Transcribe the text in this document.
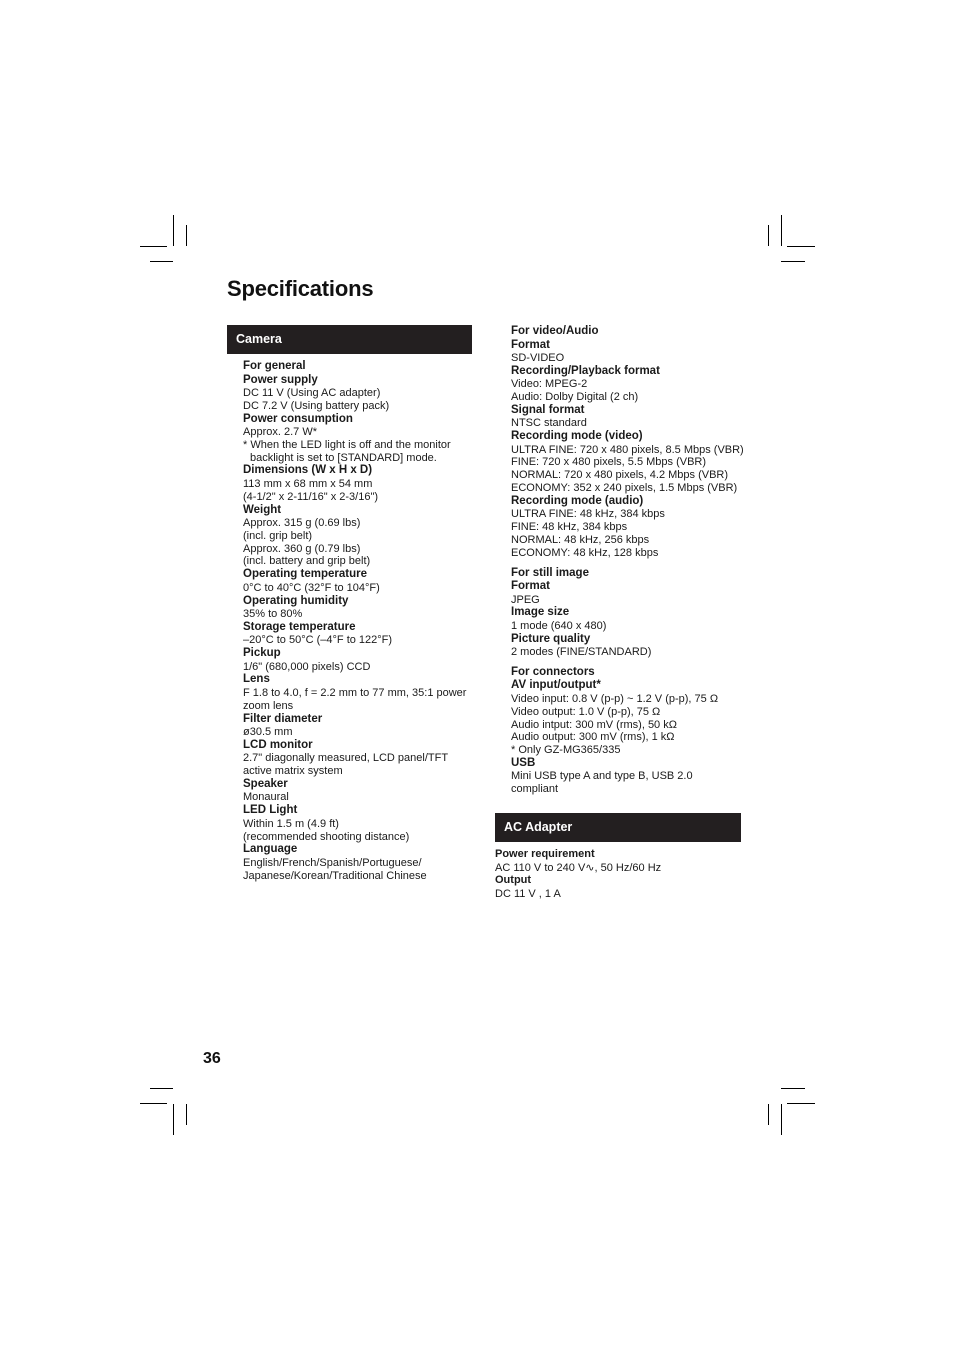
Specifications
Camera
For general
Power supply
DC 11 V (Using AC adapter)
DC 7.2 V (Using battery pack)
Power consumption
Approx. 2.7 W*
* When the LED light is off and the monitor
backlight is set to [STANDARD] mode.
Dimensions (W x H x D)
113 mm x 68 mm x 54 mm
(4-1/2" x 2-11/16" x 2-3/16")
Weight
Approx. 315 g (0.69 lbs)
(incl. grip belt)
Approx. 360 g (0.79 lbs)
(incl. battery and grip belt)
Operating temperature
0°C to 40°C (32°F to 104°F)
Operating humidity
35% to 80%
Storage temperature
–20°C to 50°C (–4°F to 122°F)
Pickup
1/6" (680,000 pixels) CCD
Lens
F 1.8 to 4.0, f = 2.2 mm to 77 mm, 35:1 power
zoom lens
Filter diameter
ø30.5 mm
LCD monitor
2.7" diagonally measured, LCD panel/TFT
active matrix system
Speaker
Monaural
LED Light
Within 1.5 m (4.9 ft)
(recommended shooting distance)
Language
English/French/Spanish/Portuguese/
Japanese/Korean/Traditional Chinese
For video/Audio
Format
SD-VIDEO
Recording/Playback format
Video: MPEG-2
Audio: Dolby Digital (2 ch)
Signal format
NTSC standard
Recording mode (video)
ULTRA FINE: 720 x 480 pixels, 8.5 Mbps (VBR)
FINE: 720 x 480 pixels, 5.5 Mbps (VBR)
NORMAL: 720 x 480 pixels, 4.2 Mbps (VBR)
ECONOMY: 352 x 240 pixels, 1.5 Mbps (VBR)
Recording mode (audio)
ULTRA FINE: 48 kHz, 384 kbps
FINE: 48 kHz, 384 kbps
NORMAL: 48 kHz, 256 kbps
ECONOMY: 48 kHz, 128 kbps
For still image
Format
JPEG
Image size
1 mode (640 x 480)
Picture quality
2 modes (FINE/STANDARD)
For connectors
AV input/output*
Video input: 0.8 V (p-p) ~ 1.2 V (p-p), 75 Ω
Video output: 1.0 V (p-p), 75 Ω
Audio intput: 300 mV (rms), 50 kΩ
Audio output: 300 mV (rms), 1 kΩ
* Only GZ-MG365/335
USB
Mini USB type A and type B, USB 2.0
compliant
AC Adapter
Power requirement
AC 110 V to 240 V∿, 50 Hz/60 Hz
Output
DC 11 V , 1 A
36
